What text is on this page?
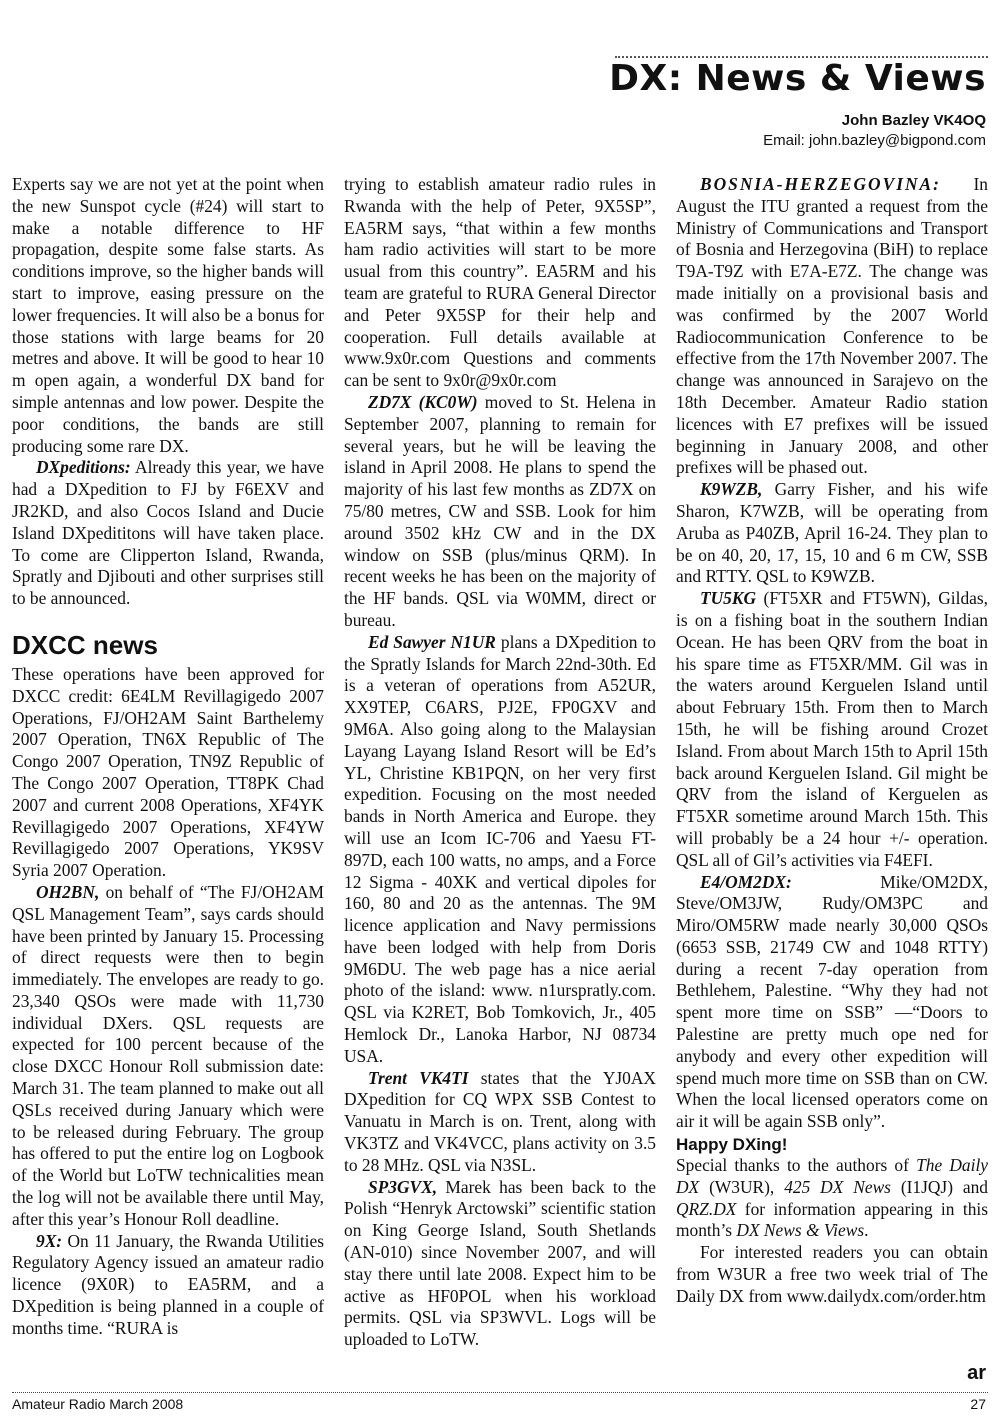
DX: News & Views
John Bazley VK4OQ
Email: john.bazley@bigpond.com

Experts say we are not yet at the point when the new Sunspot cycle (#24) will start to make a notable difference to HF propagation, despite some false starts. As conditions improve, so the higher bands will start to improve, easing pressure on the lower frequencies. It will also be a bonus for those stations with large beams for 20 metres and above. It will be good to hear 10 m open again, a wonderful DX band for simple antennas and low power. Despite the poor conditions, the bands are still producing some rare DX.

DXpeditions: Already this year, we have had a DXpedition to FJ by F6EXV and JR2KD, and also Cocos Island and Ducie Island DXpedititons will have taken place. To come are Clipperton Island, Rwanda, Spratly and Djibouti and other surprises still to be announced.

DXCC news

These operations have been approved for DXCC credit: 6E4LM Revillagigedo 2007 Operations, FJ/OH2AM Saint Barthelemy 2007 Operation, TN6X Republic of The Congo 2007 Operation, TN9Z Republic of The Congo 2007 Operation, TT8PK Chad 2007 and current 2008 Operations, XF4YK Revillagigedo 2007 Operations, XF4YW Revillagigedo 2007 Operations, YK9SV Syria 2007 Operation.

OH2BN, on behalf of “The FJ/OH2AM QSL Management Team”, says cards should have been printed by January 15. Processing of direct requests were then to begin immediately. The envelopes are ready to go. 23,340 QSOs were made with 11,730 individual DXers. QSL requests are expected for 100 percent because of the close DXCC Honour Roll submission date: March 31. The team planned to make out all QSLs received during January which were to be released during February. The group has offered to put the entire log on Logbook of the World but LoTW technicalities mean the log will not be available there until May, after this year’s Honour Roll deadline.

9X: On 11 January, the Rwanda Utilities Regulatory Agency issued an amateur radio licence (9X0R) to EA5RM, and a DXpedition is being planned in a couple of months time. “RURA is

trying to establish amateur radio rules in Rwanda with the help of Peter, 9X5SP”, EA5RM says, “that within a few months ham radio activities will start to be more usual from this country”. EA5RM and his team are grateful to RURA General Director and Peter 9X5SP for their help and cooperation. Full details available at www.9x0r.com Questions and comments can be sent to 9x0r@9x0r.com

ZD7X (KC0W) moved to St. Helena in September 2007, planning to remain for several years, but he will be leaving the island in April 2008. He plans to spend the majority of his last few months as ZD7X on 75/80 metres, CW and SSB. Look for him around 3502 kHz CW and in the DX window on SSB (plus/minus QRM). In recent weeks he has been on the majority of the HF bands. QSL via W0MM, direct or bureau.

Ed Sawyer N1UR plans a DXpedition to the Spratly Islands for March 22nd-30th. Ed is a veteran of operations from A52UR, XX9TEP, C6ARS, PJ2E, FP0GXV and 9M6A. Also going along to the Malaysian Layang Layang Island Resort will be Ed’s YL, Christine KB1PQN, on her very first expedition. Focusing on the most needed bands in North America and Europe. they will use an Icom IC-706 and Yaesu FT-897D, each 100 watts, no amps, and a Force 12 Sigma - 40XK and vertical dipoles for 160, 80 and 20 as the antennas. The 9M licence application and Navy permissions have been lodged with help from Doris 9M6DU. The web page has a nice aerial photo of the island: www. n1urspratly.com. QSL via K2RET, Bob Tomkovich, Jr., 405 Hemlock Dr., Lanoka Harbor, NJ 08734 USA.

Trent VK4TI states that the YJ0AX DXpedition for CQ WPX SSB Contest to Vanuatu in March is on. Trent, along with VK3TZ and VK4VCC, plans activity on 3.5 to 28 MHz. QSL via N3SL.

SP3GVX, Marek has been back to the Polish “Henryk Arctowski” scientific station on King George Island, South Shetlands (AN-010) since November 2007, and will stay there until late 2008. Expect him to be active as HF0POL when his workload permits. QSL via SP3WVL. Logs will be uploaded to LoTW.

BOSNIA-HERZEGOVINA: In August the ITU granted a request from the Ministry of Communications and Transport of Bosnia and Herzegovina (BiH) to replace T9A-T9Z with E7A-E7Z. The change was made initially on a provisional basis and was confirmed by the 2007 World Radiocommunication Conference to be effective from the 17th November 2007. The change was announced in Sarajevo on the 18th December. Amateur Radio station licences with E7 prefixes will be issued beginning in January 2008, and other prefixes will be phased out.

K9WZB, Garry Fisher, and his wife Sharon, K7WZB, will be operating from Aruba as P40ZB, April 16-24. They plan to be on 40, 20, 17, 15, 10 and 6 m CW, SSB and RTTY. QSL to K9WZB.

TU5KG (FT5XR and FT5WN), Gildas, is on a fishing boat in the southern Indian Ocean. He has been QRV from the boat in his spare time as FT5XR/MM. Gil was in the waters around Kerguelen Island until about February 15th. From then to March 15th, he will be fishing around Crozet Island. From about March 15th to April 15th back around Kerguelen Island. Gil might be QRV from the island of Kerguelen as FT5XR sometime around March 15th. This will probably be a 24 hour +/- operation. QSL all of Gil’s activities via F4EFI.

E4/OM2DX: Mike/OM2DX, Steve/OM3JW, Rudy/OM3PC and Miro/OM5RW made nearly 30,000 QSOs (6653 SSB, 21749 CW and 1048 RTTY) during a recent 7-day operation from Bethlehem, Palestine. “Why they had not spent more time on SSB” —“Doors to Palestine are pretty much ope ned for anybody and every other expedition will spend much more time on SSB than on CW. When the local licensed operators come on air it will be again SSB only”.

Happy DXing!

Special thanks to the authors of The Daily DX (W3UR), 425 DX News (I1JQJ) and QRZ.DX for information appearing in this month’s DX News & Views.

For interested readers you can obtain from W3UR a free two week trial of The Daily DX from www.dailydx.com/order.htm

ar
Amateur Radio March 2008	27
